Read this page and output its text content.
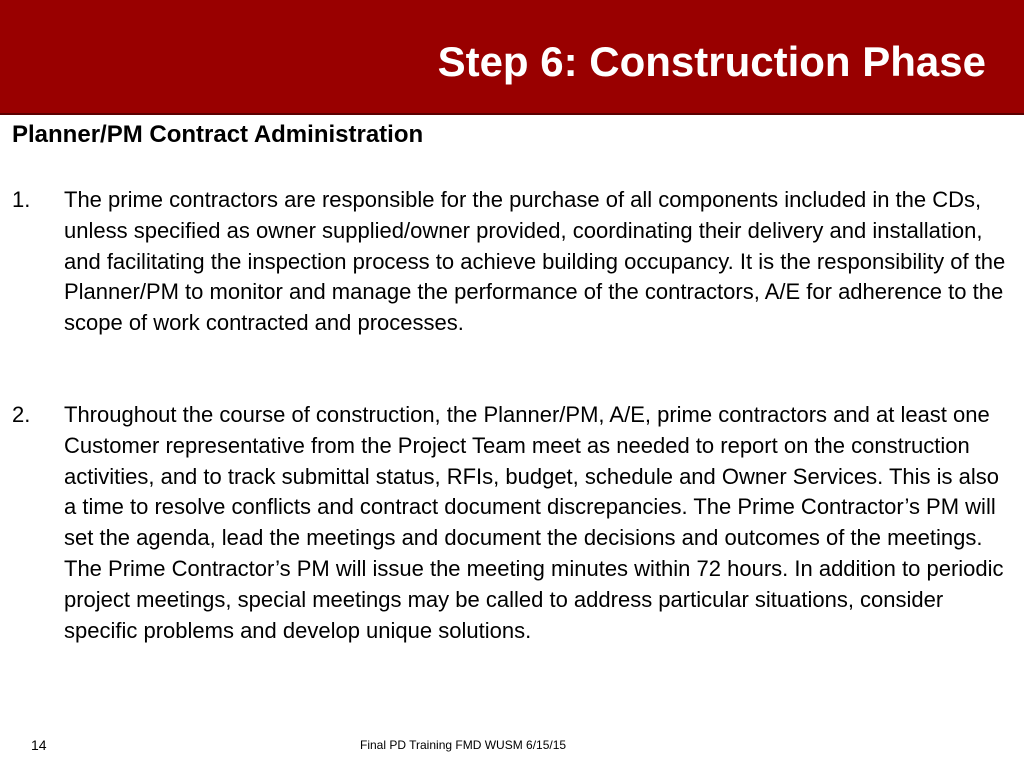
Step 6: Construction Phase
Planner/PM Contract Administration
1. The prime contractors are responsible for the purchase of all components included in the CDs, unless specified as owner supplied/owner provided, coordinating their delivery and installation, and facilitating the inspection process to achieve building occupancy. It is the responsibility of the Planner/PM to monitor and manage the performance of the contractors, A/E for adherence to the scope of work contracted and processes.
2. Throughout the course of construction, the Planner/PM, A/E, prime contractors and at least one Customer representative from the Project Team meet as needed to report on the construction activities, and to track submittal status, RFIs, budget, schedule and Owner Services. This is also a time to resolve conflicts and contract document discrepancies. The Prime Contractor’s PM will set the agenda, lead the meetings and document the decisions and outcomes of the meetings. The Prime Contractor’s PM will issue the meeting minutes within 72 hours. In addition to periodic project meetings, special meetings may be called to address particular situations, consider specific problems and develop unique solutions.
14	Final PD Training FMD WUSM 6/15/15
